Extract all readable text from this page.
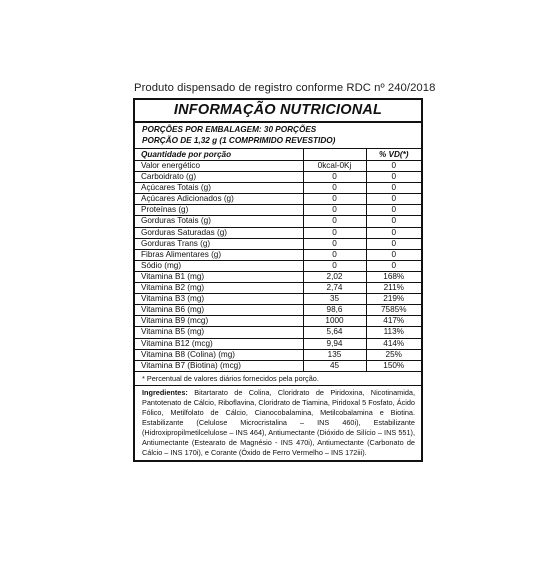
Produto dispensado de registro conforme RDC nº 240/2018
INFORMAÇÃO NUTRICIONAL
PORÇÕES POR EMBALAGEM: 30 PORÇÕES
PORÇÃO DE 1,32 g (1 COMPRIMIDO REVESTIDO)
Quantidade por porção		% VD(*)
Valor energético	0kcal-0Kj	0
Carboidrato (g)	0	0
Açúcares Totais (g)	0	0
Açúcares Adicionados (g)	0	0
Proteínas (g)	0	0
Gorduras Totais (g)	0	0
Gorduras Saturadas (g)	0	0
Gorduras Trans (g)	0	0
Fibras Alimentares (g)	0	0
Sódio (mg)	0	0
Vitamina B1 (mg)	2,02	168%
Vitamina B2 (mg)	2,74	211%
Vitamina B3 (mg)	35	219%
Vitamina B6 (mg)	98,6	7585%
Vitamina B9 (mcg)	1000	417%
Vitamina B5 (mg)	5,64	113%
Vitamina B12 (mcg)	9,94	414%
Vitamina B8 (Colina) (mg)	135	25%
Vitamina B7 (Biotina) (mcg)	45	150%
* Percentual de valores diários fornecidos pela porção.
Ingredientes: Bitartarato de Colina, Cloridrato de Piridoxina, Nicotinamida, Pantotenato de Cálcio, Riboflavina, Cloridrato de Tiamina, Piridoxal 5 Fosfato, Ácido Fólico, Metilfolato de Cálcio, Cianocobalamina, Metilcobalamina e Biotina. Estabilizante (Celulose Microcristalina – INS 460i), Estabilizante (Hidroxipropilmetilcelulose – INS 464), Antiumectante (Dióxido de Silício – INS 551), Antiumectante (Estearato de Magnésio - INS 470i), Antiumectante (Carbonato de Cálcio – INS 170i), e Corante (Óxido de Ferro Vermelho – INS 172iii).
